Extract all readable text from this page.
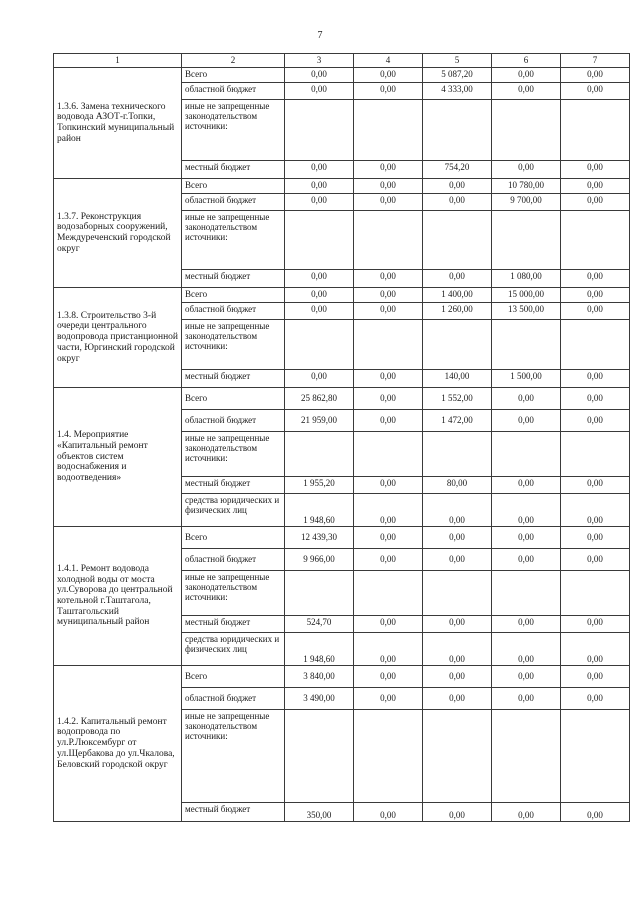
7
1	2	3	4	5	6	7
1.3.6. Замена технического водовода АЗОТ-г.Топки, Топкинский муниципальный район	Всего	0,00	0,00	5 087,20	0,00	0,00
	областной бюджет	0,00	0,00	4 333,00	0,00	0,00
	иные не запрещенные законодательством источники:					
	местный бюджет	0,00	0,00	754,20	0,00	0,00
1.3.7. Реконструкция водозаборных сооружений, Междуреченский городской округ	Всего	0,00	0,00	0,00	10 780,00	0,00
	областной бюджет	0,00	0,00	0,00	9 700,00	0,00
	иные не запрещенные законодательством источники:					
	местный бюджет	0,00	0,00	0,00	1 080,00	0,00
1.3.8. Строительство 3-й очереди центрального водопровода пристанционной части, Юргинский городской округ	Всего	0,00	0,00	1 400,00	15 000,00	0,00
	областной бюджет	0,00	0,00	1 260,00	13 500,00	0,00
	иные не запрещенные законодательством источники:					
	местный бюджет	0,00	0,00	140,00	1 500,00	0,00
1.4. Мероприятие «Капитальный ремонт объектов систем водоснабжения и водоотведения»	Всего	25 862,80	0,00	1 552,00	0,00	0,00
	областной бюджет	21 959,00	0,00	1 472,00	0,00	0,00
	иные не запрещенные законодательством источники:					
	местный бюджет	1 955,20	0,00	80,00	0,00	0,00
	средства юридических и физических лиц	1 948,60	0,00	0,00	0,00	0,00
1.4.1. Ремонт водовода холодной воды от моста ул.Суворова до центральной котельной г.Таштагола, Таштагольский муниципальный район	Всего	12 439,30	0,00	0,00	0,00	0,00
	областной бюджет	9 966,00	0,00	0,00	0,00	0,00
	иные не запрещенные законодательством источники:					
	местный бюджет	524,70	0,00	0,00	0,00	0,00
	средства юридических и физических лиц	1 948,60	0,00	0,00	0,00	0,00
1.4.2. Капитальный ремонт водопровода по ул.Р.Люксембург от ул.Щербакова до ул.Чкалова, Беловский городской округ	Всего	3 840,00	0,00	0,00	0,00	0,00
	областной бюджет	3 490,00	0,00	0,00	0,00	0,00
	иные не запрещенные законодательством источники:					
	местный бюджет	350,00	0,00	0,00	0,00	0,00
